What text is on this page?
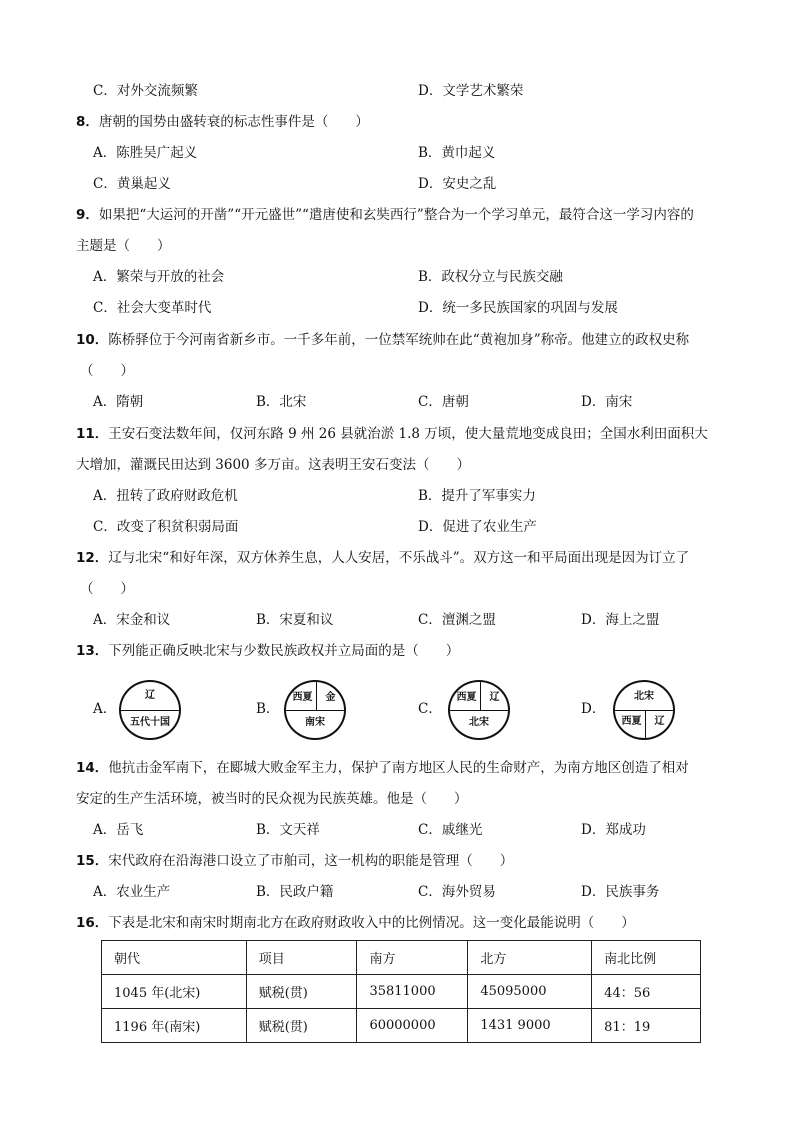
C．对外交流频繁	D．文学艺术繁荣
8．唐朝的国势由盛转衰的标志性事件是（　　）
A．陈胜吴广起义	B．黄巾起义
C．黄巢起义	D．安史之乱
9．如果把“大运河的开凿”“开元盛世”“遣唐使和玄奘西行”整合为一个学习单元，最符合这一学习内容的
主题是（　　）
A．繁荣与开放的社会	B．政权分立与民族交融
C．社会大变革时代	D．统一多民族国家的巩固与发展
10．陈桥驿位于今河南省新乡市。一千多年前，一位禁军统帅在此“黄袍加身”称帝。他建立的政权史称
（　　）
A．隋朝	B．北宋	C．唐朝	D．南宋
11．王安石变法数年间，仅河东路 9 州 26 县就治淤 1.8 万顷，使大量荒地变成良田；全国水利田面积大
大增加，灌溉民田达到 3600 多万亩。这表明王安石变法（　　）
A．扭转了政府财政危机	B．提升了军事实力
C．改变了积贫积弱局面	D．促进了农业生产
12．辽与北宋“和好年深，双方休养生息，人人安居，不乐战斗”。双方这一和平局面出现是因为订立了
（　　）
A．宋金和议	B．宋夏和议	C．澶渊之盟	D．海上之盟
13．下列能正确反映北宋与少数民族政权并立局面的是（　　）
A．
辽
五代十国
B．
西夏	金
南宋
C．
西夏	辽
北宋
D．
北宋
西夏	辽
14．他抗击金军南下，在郾城大败金军主力，保护了南方地区人民的生命财产，为南方地区创造了相对
安定的生产生活环境，被当时的民众视为民族英雄。他是（　　）
A．岳飞	B．文天祥	C．戚继光	D．郑成功
15．宋代政府在沿海港口设立了市舶司，这一机构的职能是管理（　　）
A．农业生产	B．民政户籍	C．海外贸易	D．民族事务
16．下表是北宋和南宋时期南北方在政府财政收入中的比例情况。这一变化最能说明（　　）
朝代	项目	南方	北方	南北比例
1045 年(北宋)	赋税(贯)	35811000	45095000	44：56
1196 年(南宋)	赋税(贯)	60000000	1431 9000	81：19
